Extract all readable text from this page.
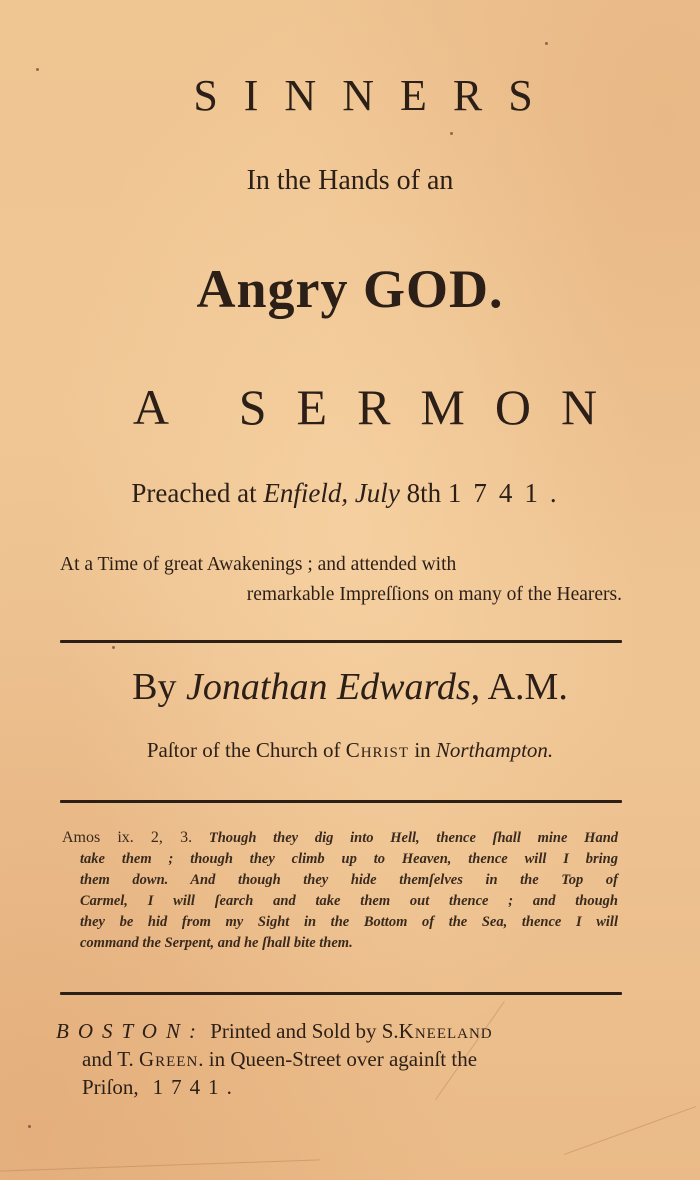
SINNERS
In the Hands of an
Angry GOD.
A SERMON
Preached at Enfield, July 8th 1741.
At a Time of great Awakenings ; and attended with
remarkable Impreſſions on many of the Hearers.
By Jonathan Edwards, A.M.
Paſtor of the Church of Christ in Northampton.
Amos ix. 2, 3. Though they dig into Hell, thence ſhall mine Hand
take them ; though they climb up to Heaven, thence will I bring
them down. And though they hide themſelves in the Top of
Carmel, I will ſearch and take them out thence ; and though
they be hid from my Sight in the Bottom of the Sea, thence I will
command the Serpent, and he ſhall bite them.
BOSTON: Printed and Sold by S.Kneeland
and T. Green. in Queen-Street over againſt the
Priſon, 1741.
